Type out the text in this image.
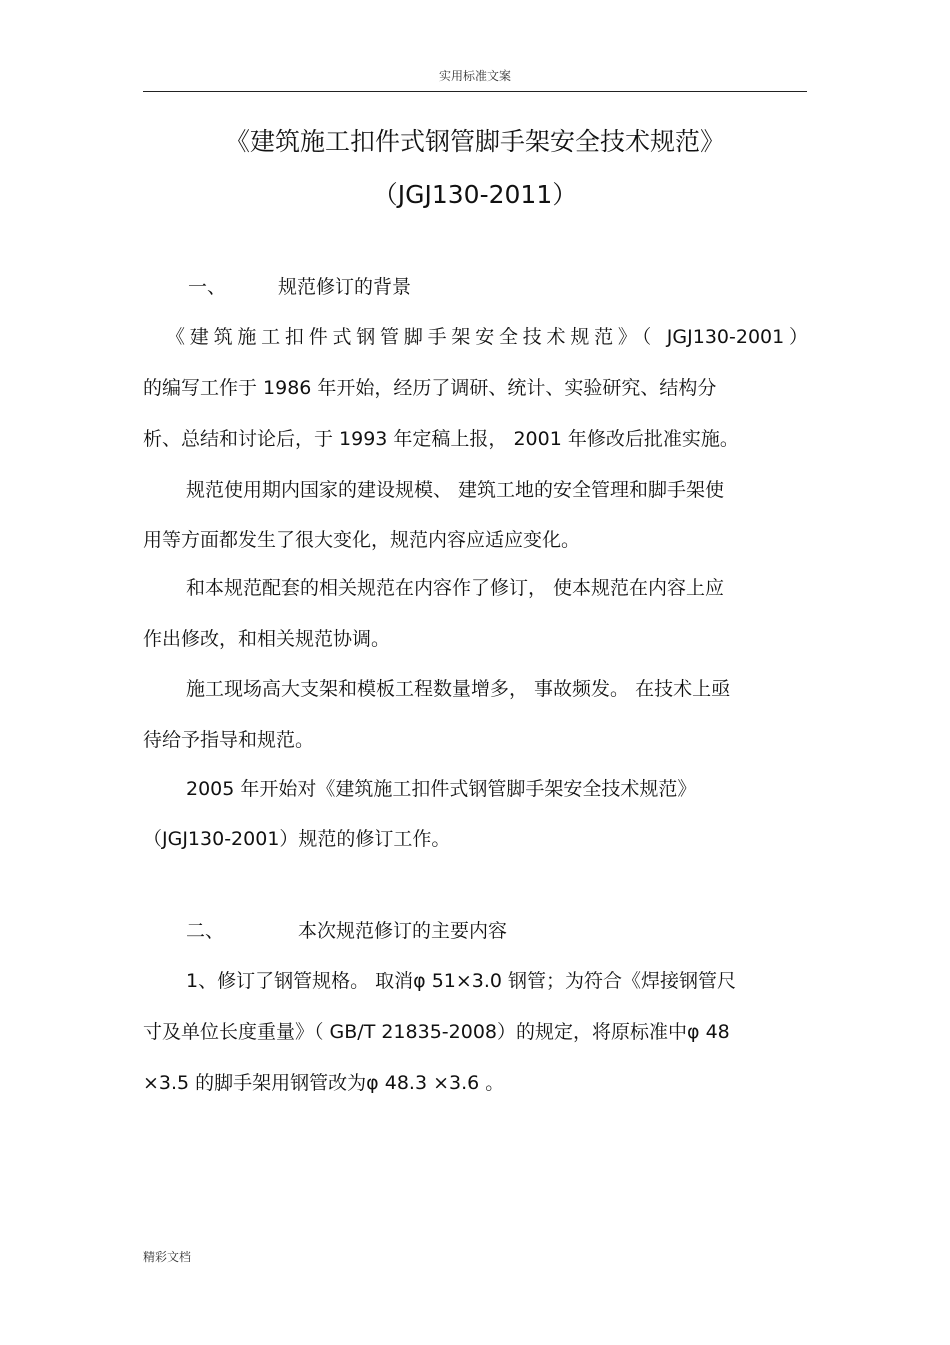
实用标准文案
《建筑施工扣件式钢管脚手架安全技术规范》
（JGJ130-2011）
一、	规范修订的背景
《建筑施工扣件式钢管脚手架安全技术规范》（ JGJ130-2001）
的编写工作于 1986 年开始，经历了调研、统计、实验研究、结构分
析、总结和讨论后，于 1993 年定稿上报， 2001 年修改后批准实施。
规范使用期内国家的建设规模、 建筑工地的安全管理和脚手架使
用等方面都发生了很大变化，规范内容应适应变化。
和本规范配套的相关规范在内容作了修订， 使本规范在内容上应
作出修改，和相关规范协调。
施工现场高大支架和模板工程数量增多， 事故频发。 在技术上亟
待给予指导和规范。
2005 年开始对《建筑施工扣件式钢管脚手架安全技术规范》
（JGJ130-2001）规范的修订工作。
二、	本次规范修订的主要内容
1、修订了钢管规格。 取消φ 51×3.0 钢管；为符合《焊接钢管尺
寸及单位长度重量》（ GB/T 21835-2008）的规定，将原标准中φ 48
×3.5 的脚手架用钢管改为φ 48.3 ×3.6 。
精彩文档
